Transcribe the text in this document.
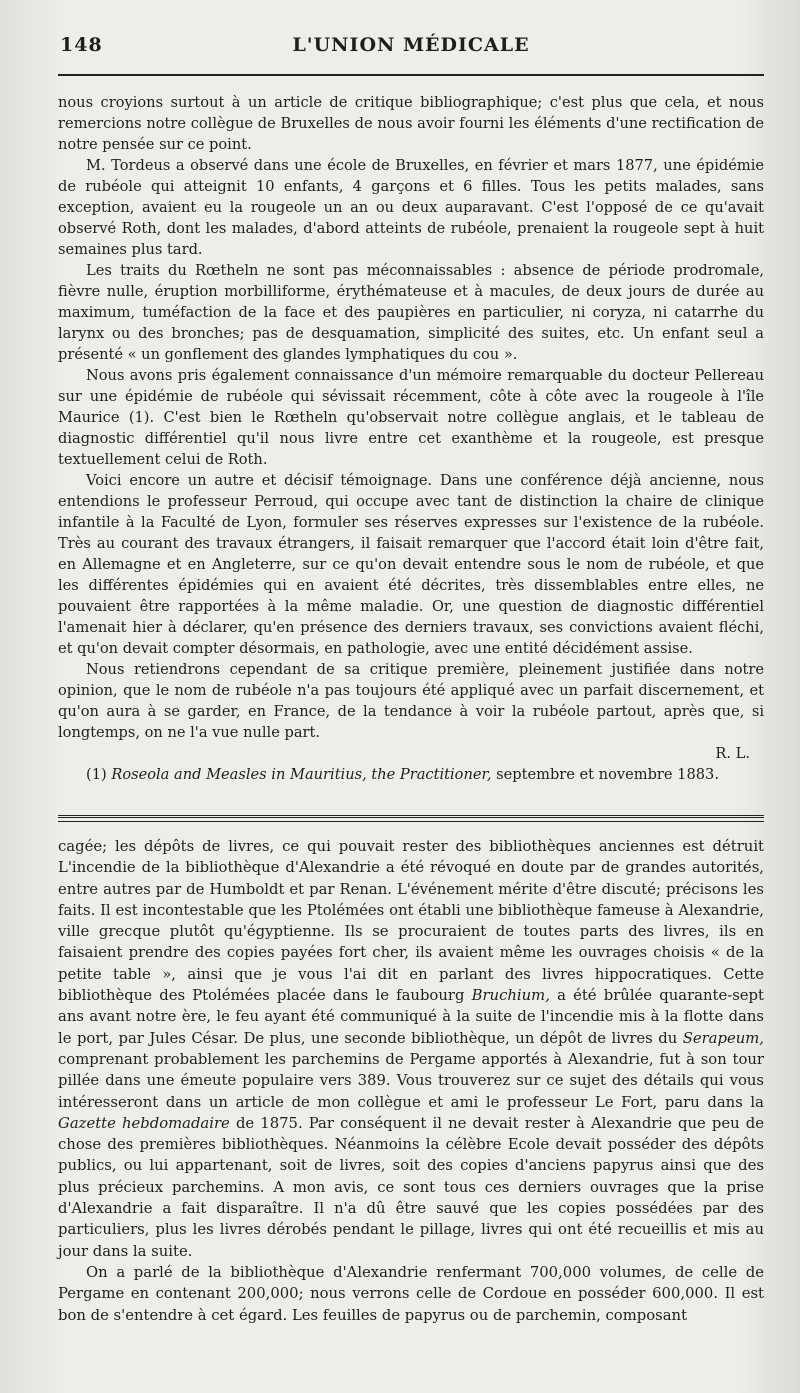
148	L'UNION MÉDICALE

nous croyions surtout à un article de critique bibliographique; c'est plus que cela, et nous remercions notre collègue de Bruxelles de nous avoir fourni les éléments d'une rectification de notre pensée sur ce point.

M. Tordeus a observé dans une école de Bruxelles, en février et mars 1877, une épidémie de rubéole qui atteignit 10 enfants, 4 garçons et 6 filles. Tous les petits malades, sans exception, avaient eu la rougeole un an ou deux auparavant. C'est l'opposé de ce qu'avait observé Roth, dont les malades, d'abord atteints de rubéole, prenaient la rougeole sept à huit semaines plus tard.

Les traits du Rœtheln ne sont pas méconnaissables : absence de période prodromale, fièvre nulle, éruption morbilliforme, érythémateuse et à macules, de deux jours de durée au maximum, tuméfaction de la face et des paupières en particulier, ni coryza, ni catarrhe du larynx ou des bronches; pas de desquamation, simplicité des suites, etc. Un enfant seul a présenté « un gonflement des glandes lymphatiques du cou ».

Nous avons pris également connaissance d'un mémoire remarquable du docteur Pellereau sur une épidémie de rubéole qui sévissait récemment, côte à côte avec la rougeole à l'île Maurice (1). C'est bien le Rœtheln qu'observait notre collègue anglais, et le tableau de diagnostic différentiel qu'il nous livre entre cet exanthème et la rougeole, est presque textuellement celui de Roth.

Voici encore un autre et décisif témoignage. Dans une conférence déjà ancienne, nous entendions le professeur Perroud, qui occupe avec tant de distinction la chaire de clinique infantile à la Faculté de Lyon, formuler ses réserves expresses sur l'existence de la rubéole. Très au courant des travaux étrangers, il faisait remarquer que l'accord était loin d'être fait, en Allemagne et en Angleterre, sur ce qu'on devait entendre sous le nom de rubéole, et que les différentes épidémies qui en avaient été décrites, très dissemblables entre elles, ne pouvaient être rapportées à la même maladie. Or, une question de diagnostic différentiel l'amenait hier à déclarer, qu'en présence des derniers travaux, ses convictions avaient fléchi, et qu'on devait compter désormais, en pathologie, avec une entité décidément assise.

Nous retiendrons cependant de sa critique première, pleinement justifiée dans notre opinion, que le nom de rubéole n'a pas toujours été appliqué avec un parfait discernement, et qu'on aura à se garder, en France, de la tendance à voir la rubéole partout, après que, si longtemps, on ne l'a vue nulle part.

R. L.

(1) Roseola and Measles in Mauritius, the Practitioner, septembre et novembre 1883.

cagée; les dépôts de livres, ce qui pouvait rester des bibliothèques anciennes est détruit L'incendie de la bibliothèque d'Alexandrie a été révoqué en doute par de grandes autorités, entre autres par de Humboldt et par Renan. L'événement mérite d'être discuté; précisons les faits. Il est incontestable que les Ptolémées ont établi une bibliothèque fameuse à Alexandrie, ville grecque plutôt qu'égyptienne. Ils se procuraient de toutes parts des livres, ils en faisaient prendre des copies payées fort cher, ils avaient même les ouvrages choisis « de la petite table », ainsi que je vous l'ai dit en parlant des livres hippocratiques. Cette bibliothèque des Ptolémées placée dans le faubourg Bruchium, a été brûlée quarante-sept ans avant notre ère, le feu ayant été communiqué à la suite de l'incendie mis à la flotte dans le port, par Jules César. De plus, une seconde bibliothèque, un dépôt de livres du Serapeum, comprenant probablement les parchemins de Pergame apportés à Alexandrie, fut à son tour pillée dans une émeute populaire vers 389. Vous trouverez sur ce sujet des détails qui vous intéresseront dans un article de mon collègue et ami le professeur Le Fort, paru dans la Gazette hebdomadaire de 1875. Par conséquent il ne devait rester à Alexandrie que peu de chose des premières bibliothèques. Néanmoins la célèbre Ecole devait posséder des dépôts publics, ou lui appartenant, soit de livres, soit des copies d'anciens papyrus ainsi que des plus précieux parchemins. A mon avis, ce sont tous ces derniers ouvrages que la prise d'Alexandrie a fait disparaître. Il n'a dû être sauvé que les copies possédées par des particuliers, plus les livres dérobés pendant le pillage, livres qui ont été recueillis et mis au jour dans la suite.

On a parlé de la bibliothèque d'Alexandrie renfermant 700,000 volumes, de celle de Pergame en contenant 200,000; nous verrons celle de Cordoue en posséder 600,000. Il est bon de s'entendre à cet égard. Les feuilles de papyrus ou de parchemin, composant
